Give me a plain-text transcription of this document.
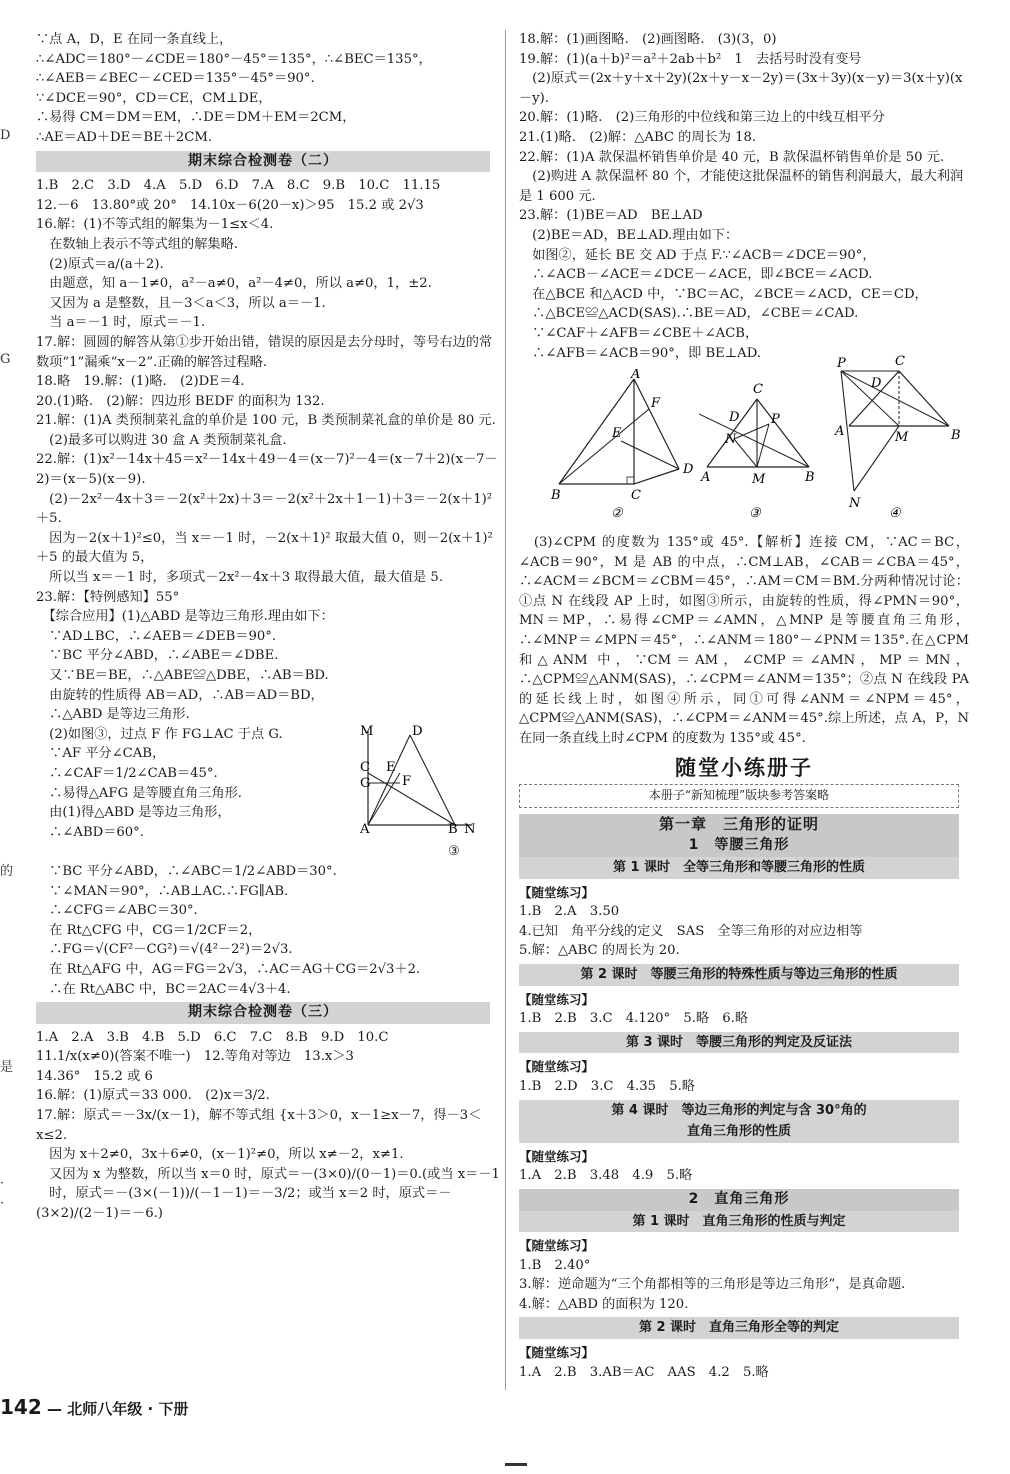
D
G
的
是
·
·
∵点 A，D，E 在同一条直线上，
∴∠ADC＝180°－∠CDE＝180°－45°＝135°，∴∠BEC＝135°，
∴∠AEB＝∠BEC－∠CED＝135°－45°＝90°.
∵∠DCE＝90°，CD＝CE，CM⊥DE，
∴易得 CM＝DM＝EM，∴DE＝DM＋EM＝2CM，
∴AE＝AD＋DE＝BE＋2CM.
期末综合检测卷（二）
1.B　2.C　3.D　4.A　5.D　6.D　7.A　8.C　9.B　10.C　11.15
12.－6　13.80°或 20°　14.10x－6(20－x)＞95　15.2 或 2√3
16.解：(1)不等式组的解集为－1≤x＜4.
　在数轴上表示不等式组的解集略.
　(2)原式＝a/(a＋2).
　由题意，知 a－1≠0，a²－a≠0，a²－4≠0，所以 a≠0，1，±2.
　又因为 a 是整数，且－3＜a＜3，所以 a＝－1.
　当 a＝－1 时，原式＝－1.
17.解：圆圆的解答从第①步开始出错，错误的原因是去分母时，等号右边的常数项“1”漏乘“x－2”.正确的解答过程略.
18.略　19.解：(1)略.　(2)DE＝4.
20.(1)略.　(2)解：四边形 BEDF 的面积为 132.
21.解：(1)A 类预制菜礼盒的单价是 100 元，B 类预制菜礼盒的单价是 80 元.
　(2)最多可以购进 30 盒 A 类预制菜礼盒.
22.解：(1)x²－14x＋45＝x²－14x＋49－4＝(x－7)²－4＝(x－7＋2)(x－7－2)＝(x－5)(x－9).
　(2)－2x²－4x＋3＝－2(x²＋2x)＋3＝－2(x²＋2x＋1－1)＋3＝－2(x＋1)²＋5.
　因为－2(x＋1)²≤0，当 x＝－1 时，－2(x＋1)² 取最大值 0，则－2(x＋1)²＋5 的最大值为 5，
　所以当 x＝－1 时，多项式－2x²－4x＋3 取得最大值，最大值是 5.
23.解：【特例感知】55°
　【综合应用】(1)△ABD 是等边三角形.理由如下：
　∵AD⊥BC，∴∠AEB＝∠DEB＝90°.
　∵BC 平分∠ABD，∴∠ABE＝∠DBE.
　又∵BE＝BE，∴△ABE≌△DBE，∴AB＝BD.
　由旋转的性质得 AB＝AD，∴AB＝AD＝BD，
　∴△ABD 是等边三角形.
M	D
C E
G F
A	B N
　(2)如图③，过点 F 作 FG⊥AC 于点 G.
　∵AF 平分∠CAB，
　∴∠CAF＝1/2∠CAB＝45°.
　∴易得△AFG 是等腰直角三角形.
　由(1)得△ABD 是等边三角形，
　∴∠ABD＝60°.
③
　∵BC 平分∠ABD，∴∠ABC＝1/2∠ABD＝30°.
　∵∠MAN＝90°，∴AB⊥AC.∴FG∥AB.
　∴∠CFG＝∠ABC＝30°.
　在 Rt△CFG 中，CG＝1/2CF＝2，
　∴FG＝√(CF²－CG²)＝√(4²－2²)＝2√3.
　在 Rt△AFG 中，AG＝FG＝2√3，∴AC＝AG＋CG＝2√3＋2.
　∴在 Rt△ABC 中，BC＝2AC＝4√3＋4.
期末综合检测卷（三）
1.A　2.A　3.B　4.B　5.D　6.C　7.C　8.B　9.D　10.C
11.1/x(x≠0)(答案不唯一)　12.等角对等边　13.x＞3
14.36°　15.2 或 6
16.解：(1)原式＝33 000.　(2)x＝3/2.
17.解：原式＝－3x/(x－1)，解不等式组 {x＋3＞0，x－1≥x－7，得－3＜x≤2.
　因为 x＋2≠0，3x＋6≠0，(x－1)²≠0，所以 x≠－2，x≠1.
　又因为 x 为整数，所以当 x＝0 时，原式＝－(3×0)/(0－1)＝0.(或当 x＝－1
　时，原式＝－(3×(－1))/(－1－1)＝－3/2；或当 x＝2 时，原式＝－(3×2)/(2－1)＝－6.)
18.解：(1)画图略.　(2)画图略.　(3)(3，0)
19.解：(1)(a＋b)²＝a²＋2ab＋b²　1　去括号时没有变号
　(2)原式＝(2x＋y＋x＋2y)(2x＋y－x－2y)＝(3x＋3y)(x－y)＝3(x＋y)(x－y).
20.解：(1)略.　(2)三角形的中位线和第三边上的中线互相平分
21.(1)略.　(2)解：△ABC 的周长为 18.
22.解：(1)A 款保温杯销售单价是 40 元，B 款保温杯销售单价是 50 元.
　(2)购进 A 款保温杯 80 个，才能使这批保温杯的销售利润最大，最大利润是 1 600 元.
23.解：(1)BE＝AD　BE⊥AD
　(2)BE＝AD，BE⊥AD.理由如下：
　如图②，延长 BE 交 AD 于点 F.∵∠ACB＝∠DCE＝90°，
　∴∠ACB－∠ACE＝∠DCE－∠ACE，即∠BCE＝∠ACD.
　在△BCE 和△ACD 中，∵BC＝AC，∠BCE＝∠ACD，CE＝CD，
　∴△BCE≌△ACD(SAS).∴BE＝AD，∠CBE＝∠CAD.
　∵∠CAF＋∠AFB＝∠CBE＋∠ACB，
　∴∠AFB＝∠ACB＝90°，即 BE⊥AD.
A
F
E
D
B	C
②
C
D P
N
A	M	B
③
P	C
D
A	M	B
N
④
　(3)∠CPM 的度数为 135°或 45°.【解析】连接 CM，∵AC＝BC，∠ACB＝90°，M 是 AB 的中点，∴CM⊥AB，∠CAB＝∠CBA＝45°，∴∠ACM＝∠BCM＝∠CBM＝45°，∴AM＝CM＝BM.分两种情况讨论：①点 N 在线段 AP 上时，如图③所示，由旋转的性质，得∠PMN＝90°，MN＝MP，∴易得∠CMP＝∠AMN，△MNP 是等腰直角三角形，∴∠MNP＝∠MPN＝45°，∴∠ANM＝180°－∠PNM＝135°.在△CPM 和△ANM 中，∵CM＝AM，∠CMP＝∠AMN，MP＝MN，∴△CPM≌△ANM(SAS)，∴∠CPM＝∠ANM＝135°；②点 N 在线段 PA 的延长线上时，如图④所示，同①可得∠ANM＝∠NPM＝45°，△CPM≌△ANM(SAS)，∴∠CPM＝∠ANM＝45°.综上所述，点 A，P，N 在同一条直线上时∠CPM 的度数为 135°或 45°.
随堂小练册子
本册子“新知梳理”版块参考答案略
第一章　三角形的证明
1　等腰三角形
第 1 课时　全等三角形和等腰三角形的性质
【随堂练习】
1.B　2.A　3.50
4.已知　角平分线的定义　SAS　全等三角形的对应边相等
5.解：△ABC 的周长为 20.
第 2 课时　等腰三角形的特殊性质与等边三角形的性质
【随堂练习】
1.B　2.B　3.C　4.120°　5.略　6.略
第 3 课时　等腰三角形的判定及反证法
【随堂练习】
1.B　2.D　3.C　4.35　5.略
第 4 课时　等边三角形的判定与含 30°角的
直角三角形的性质
【随堂练习】
1.A　2.B　3.48　4.9　5.略
2　直角三角形
第 1 课时　直角三角形的性质与判定
【随堂练习】
1.B　2.40°
3.解：逆命题为“三个角都相等的三角形是等边三角形”，是真命题.
4.解：△ABD 的面积为 120.
第 2 课时　直角三角形全等的判定
【随堂练习】
1.A　2.B　3.AB＝AC　AAS　4.2　5.略
142 — 北师八年级 · 下册
